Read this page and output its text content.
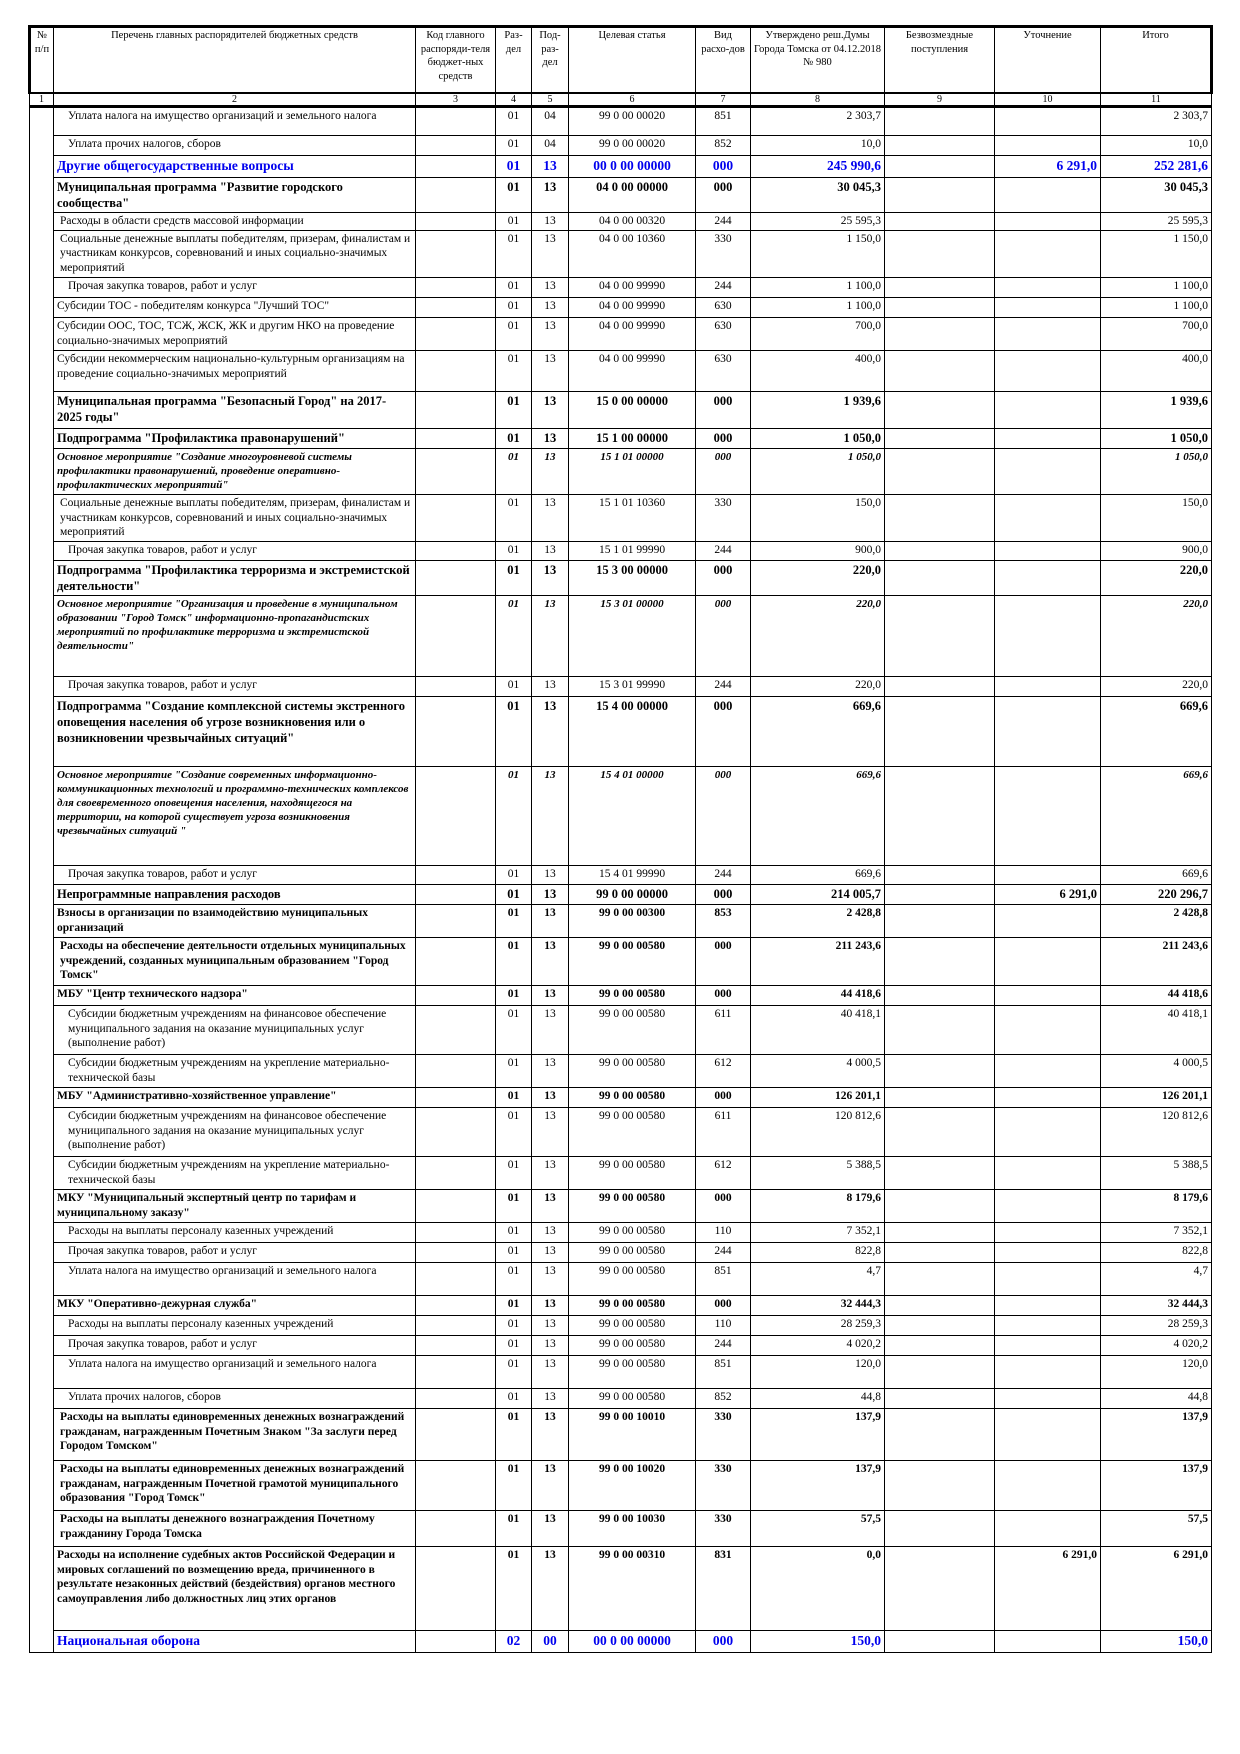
№ п/п	Перечень главных распорядителей бюджетных средств	Код главного распоряди-теля бюджет-ных средств	Раз-дел	Под-раз-дел	Целевая статья	Вид расхо-дов	Утверждено реш.Думы Города Томска от 04.12.2018 № 980	Безвозмездные поступления	Уточнение	Итого
1	2	3	4	5	6	7	8	9	10	11
	Уплата налога на имущество организаций и земельного налога		01	04	99 0 00 00020	851	2 303,7			2 303,7
	Уплата прочих налогов, сборов		01	04	99 0 00 00020	852	10,0			10,0
	Другие общегосударственные вопросы		01	13	00 0 00 00000	000	245 990,6		6 291,0	252 281,6
	Муниципальная программа "Развитие городского сообщества"		01	13	04 0 00 00000	000	30 045,3			30 045,3
	Расходы в области средств массовой информации		01	13	04 0 00 00320	244	25 595,3			25 595,3
	Социальные денежные выплаты победителям, призерам, финалистам и участникам конкурсов, соревнований и иных социально-значимых мероприятий		01	13	04 0 00 10360	330	1 150,0			1 150,0
	Прочая закупка товаров, работ и услуг		01	13	04 0 00 99990	244	1 100,0			1 100,0
	Субсидии ТОС - победителям конкурса "Лучший ТОС"		01	13	04 0 00 99990	630	1 100,0			1 100,0
	Субсидии ООС, ТОС, ТСЖ, ЖСК, ЖК и другим НКО на проведение социально-значимых мероприятий		01	13	04 0 00 99990	630	700,0			700,0
	Субсидии некоммерческим национально-культурным организациям на проведение социально-значимых мероприятий		01	13	04 0 00 99990	630	400,0			400,0
	Муниципальная программа "Безопасный Город" на 2017- 2025 годы"		01	13	15 0 00 00000	000	1 939,6			1 939,6
	Подпрограмма "Профилактика правонарушений"		01	13	15 1 00 00000	000	1 050,0			1 050,0
	Основное мероприятие "Создание многоуровневой системы профилактики правонарушений, проведение оперативно-профилактических мероприятий"		01	13	15 1 01 00000	000	1 050,0			1 050,0
	Социальные денежные выплаты победителям, призерам, финалистам и участникам конкурсов, соревнований и иных социально-значимых мероприятий		01	13	15 1 01 10360	330	150,0			150,0
	Прочая закупка товаров, работ и услуг		01	13	15 1 01 99990	244	900,0			900,0
	Подпрограмма "Профилактика терроризма и экстремистской деятельности"		01	13	15 3 00 00000	000	220,0			220,0
	Основное мероприятие "Организация и проведение в муниципальном образовании "Город Томск" информационно-пропагандистских мероприятий по профилактике терроризма и экстремистской деятельности"		01	13	15 3 01 00000	000	220,0			220,0
	Прочая закупка товаров, работ и услуг		01	13	15 3 01 99990	244	220,0			220,0
	Подпрограмма "Создание комплексной системы экстренного оповещения населения об угрозе возникновения или о возникновении чрезвычайных ситуаций"		01	13	15 4 00 00000	000	669,6			669,6
	Основное мероприятие "Создание современных информационно-коммуникационных технологий и программно-технических комплексов для своевременного оповещения населения, находящегося на территории, на которой существует угроза возникновения чрезвычайных ситуаций "		01	13	15 4 01 00000	000	669,6			669,6
	Прочая закупка товаров, работ и услуг		01	13	15 4 01 99990	244	669,6			669,6
	Непрограммные направления расходов		01	13	99 0 00 00000	000	214 005,7		6 291,0	220 296,7
	Взносы в организации по взаимодействию муниципальных организаций		01	13	99 0 00 00300	853	2 428,8			2 428,8
	Расходы на обеспечение деятельности отдельных муниципальных учреждений, созданных муниципальным образованием "Город Томск"		01	13	99 0 00 00580	000	211 243,6			211 243,6
	МБУ "Центр технического надзора"		01	13	99 0 00 00580	000	44 418,6			44 418,6
	Субсидии бюджетным учреждениям на финансовое обеспечение муниципального задания на оказание муниципальных услуг (выполнение работ)		01	13	99 0 00 00580	611	40 418,1			40 418,1
	Субсидии бюджетным учреждениям на укрепление материально-технической базы		01	13	99 0 00 00580	612	4 000,5			4 000,5
	МБУ "Административно-хозяйственное управление"		01	13	99 0 00 00580	000	126 201,1			126 201,1
	Субсидии бюджетным учреждениям на финансовое обеспечение муниципального задания на оказание муниципальных услуг (выполнение работ)		01	13	99 0 00 00580	611	120 812,6			120 812,6
	Субсидии бюджетным учреждениям на укрепление материально-технической базы		01	13	99 0 00 00580	612	5 388,5			5 388,5
	МКУ "Муниципальный экспертный центр по тарифам и муниципальному заказу"		01	13	99 0 00 00580	000	8 179,6			8 179,6
	Расходы на выплаты персоналу казенных учреждений		01	13	99 0 00 00580	110	7 352,1			7 352,1
	Прочая закупка товаров, работ и услуг		01	13	99 0 00 00580	244	822,8			822,8
	Уплата налога на имущество организаций и земельного налога		01	13	99 0 00 00580	851	4,7			4,7
	МКУ "Оперативно-дежурная служба"		01	13	99 0 00 00580	000	32 444,3			32 444,3
	Расходы на выплаты персоналу казенных учреждений		01	13	99 0 00 00580	110	28 259,3			28 259,3
	Прочая закупка товаров, работ и услуг		01	13	99 0 00 00580	244	4 020,2			4 020,2
	Уплата налога на имущество организаций и земельного налога		01	13	99 0 00 00580	851	120,0			120,0
	Уплата прочих налогов, сборов		01	13	99 0 00 00580	852	44,8			44,8
	Расходы на выплаты единовременных денежных вознаграждений гражданам, награжденным Почетным Знаком "За заслуги перед Городом Томском"		01	13	99 0 00 10010	330	137,9			137,9
	Расходы на выплаты единовременных денежных вознаграждений гражданам, награжденным Почетной грамотой муниципального образования "Город Томск"		01	13	99 0 00 10020	330	137,9			137,9
	Расходы на выплаты денежного вознаграждения Почетному гражданину Города Томска		01	13	99 0 00 10030	330	57,5			57,5
	Расходы на исполнение судебных актов Российской Федерации и мировых соглашений по возмещению вреда, причиненного в результате незаконных действий (бездействия) органов местного самоуправления либо должностных лиц этих органов		01	13	99 0 00 00310	831	0,0		6 291,0	6 291,0
	Национальная оборона		02	00	00 0 00 00000	000	150,0			150,0
